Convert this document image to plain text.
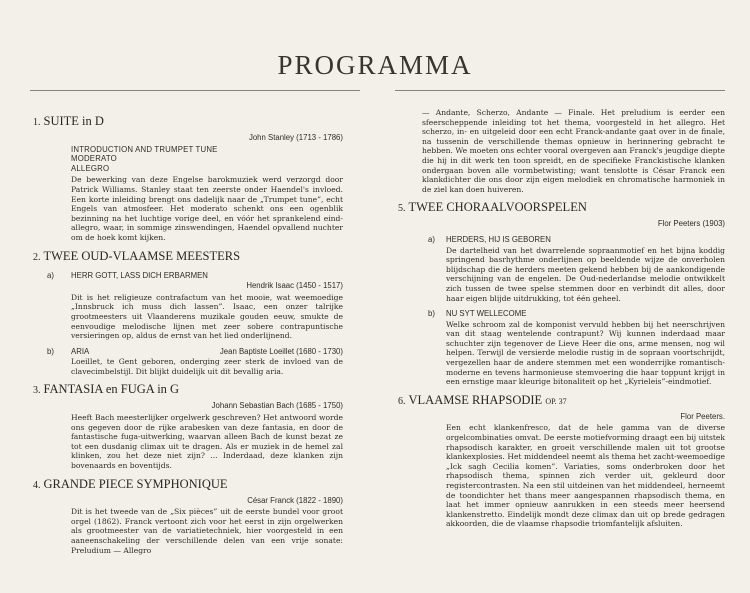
PROGRAMMA
1. SUITE in D
John Stanley (1713 - 1786)
INTRODUCTION AND TRUMPET TUNE
MODERATO
ALLEGRO
De bewerking van deze Engelse barokmuziek werd verzorgd door Patrick Williams. Stanley staat ten zeerste onder Haendel's invloed. Een korte inleiding brengt ons dadelijk naar de „Trumpet tune”, echt Engels van atmosfeer. Het moderato schenkt ons een ogenblik bezinning na het luchtige vorige deel, en vóór het sprankelend eind-allegro, waar, in sommige zinswendingen, Haendel opvallend nuchter om de hoek komt kijken.
2. TWEE OUD-VLAAMSE MEESTERS
a) HERR GOTT, LASS DICH ERBARMEN
Hendrik Isaac (1450 - 1517)
Dit is het religieuze contrafactum van het mooie, wat weemoedige „Innsbruck ich muss dich lassen”. Isaac, een onzer talrijke grootmeesters uit Vlaanderens muzikale gouden eeuw, smukte de eenvoudige melodische lijnen met zeer sobere contrapuntische versieringen op, aldus de ernst van het lied onderlijnend.
b) ARIA	Jean Baptiste Loeillet (1680 - 1730)
Loeillet, te Gent geboren, onderging zeer sterk de invloed van de clavecimbelstijl. Dit blijkt duidelijk uit dit bevallig aria.
3. FANTASIA en FUGA in G
Johann Sebastian Bach (1685 - 1750)
Heeft Bach meesterlijker orgelwerk geschreven? Het antwoord worde ons gegeven door de rijke arabesken van deze fantasia, en door de fantastische fuga-uitwerking, waarvan alleen Bach de kunst bezat ze tot een dusdanig climax uit te dragen. Als er muziek in de hemel zal klinken, zou het deze niet zijn? ... Inderdaad, deze klanken zijn bovenaards en boventijds.
4. GRANDE PIECE SYMPHONIQUE
César Franck (1822 - 1890)
Dit is het tweede van de „Six pièces” uit de eerste bundel voor groot orgel (1862). Franck vertoont zich voor het eerst in zijn orgelwerken als grootmeester van de variatietechniek, hier voorgesteld in een aaneenschakeling der verschillende delen van een vrije sonate: Preludium — Allegro
— Andante, Scherzo, Andante — Finale. Het preludium is eerder een sfeerscheppende inleiding tot het thema, voorgesteld in het allegro. Het scherzo, in- en uitgeleid door een echt Franck-andante gaat over in de finale, na tussenin de verschillende themas opnieuw in herinnering gebracht te hebben. We moeten ons echter vooral overgeven aan Franck's jeugdige diepte die hij in dit werk ten toon spreidt, en de specifieke Franckistische klanken ondergaan boven alle vormbetwisting; want tenslotte is César Franck een klankdichter die ons door zijn eigen melodiek en chromatische harmoniek in de ziel kan doen huiveren.
5. TWEE CHORAALVOORSPELEN
Flor Peeters (1903)
a) HERDERS, HIJ IS GEBOREN
De dartelheid van het dwarrelende sopraanmotief en het bijna koddig springend basrhythme onderlijnen op beeldende wijze de onverholen blijdschap die de herders meeten gekend hebben bij de aankondigende verschijning van de engelen. De Oud-nederlandse melodie ontwikkelt zich tussen de twee spelse stemmen door en verbindt dit alles, door haar eigen blijde uitdrukking, tot één geheel.
b) NU SYT WELLECOME
Welke schroom zal de komponist vervuld hebben bij het neerschrijven van dit staag wentelende contrapunt? Wij kunnen inderdaad maar schuchter zijn tegenover de Lieve Heer die ons, arme mensen, nog wil helpen. Terwijl de versierde melodie rustig in de sopraan voortschrijdt, vergezellen haar de andere stemmen met een wonderrijke romantisch-moderne en tevens harmonieuse stemvoering die haar toppunt krijgt in een ernstige maar kleurige bitonaliteit op het „Kyrieleis”-eindmotief.
6. VLAAMSE RHAPSODIE OP. 37
Flor Peeters.
Een echt klankenfresco, dat de hele gamma van de diverse orgelcombinaties omvat. De eerste motiefvorming draagt een bij uitstek rhapsodisch karakter, en groeit verschillende malen uit tot grootse klankexplosies. Het middendeel neemt als thema het zacht-weemoedige „Ick sagh Cecilia komen”. Variaties, soms onderbroken door het rhapsodisch thema, spinnen zich verder uit, gekleurd door registercontrasten. Na een stil uitdeinen van het middendeel, herneemt de toondichter het thans meer aangespannen rhapsodisch thema, en laat het immer opnieuw aanrukken in een steeds meer heersend klankenstretto. Eindelijk mondt deze climax dan uit op brede gedragen akkoorden, die de vlaamse rhapsodie triomfantelijk afsluiten.
